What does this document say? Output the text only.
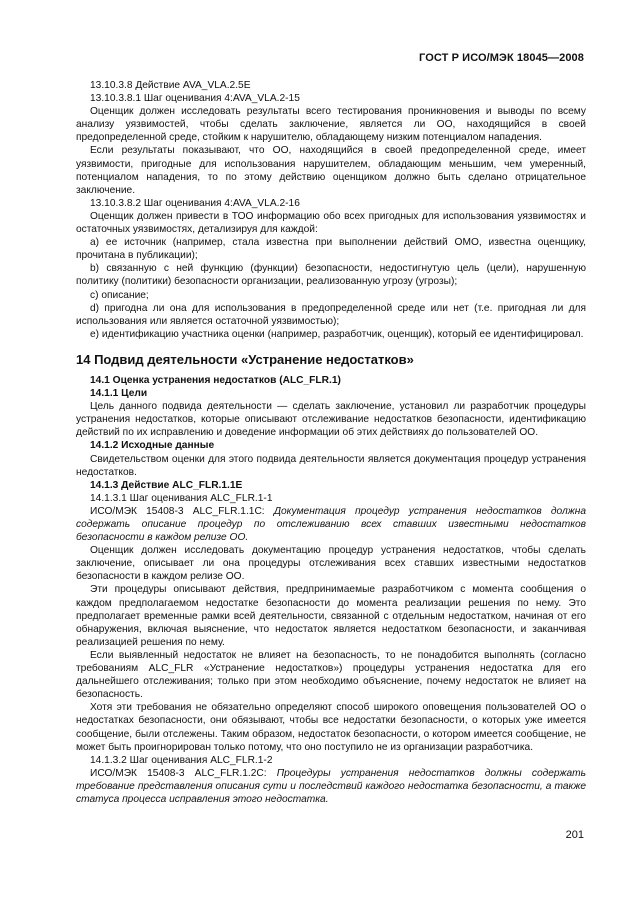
ГОСТ Р ИСО/МЭК 18045—2008

13.10.3.8 Действие AVA_VLA.2.5E

13.10.3.8.1 Шаг оценивания 4:AVA_VLA.2-15

Оценщик должен исследовать результаты всего тестирования проникновения и выводы по всему анализу уязвимостей, чтобы сделать заключение, является ли ОО, находящийся в своей предопределенной среде, стойким к нарушителю, обладающему низким потенциалом нападения.

Если результаты показывают, что ОО, находящийся в своей предопределенной среде, имеет уязвимости, пригодные для использования нарушителем, обладающим меньшим, чем умеренный, потенциалом нападения, то по этому действию оценщиком должно быть сделано отрицательное заключение.

13.10.3.8.2 Шаг оценивания 4:AVA_VLA.2-16

Оценщик должен привести в ТОО информацию обо всех пригодных для использования уязвимостях и остаточных уязвимостях, детализируя для каждой:

a) ее источник (например, стала известна при выполнении действий ОМО, известна оценщику, прочитана в публикации);

b) связанную с ней функцию (функции) безопасности, недостигнутую цель (цели), нарушенную политику (политики) безопасности организации, реализованную угрозу (угрозы);

c) описание;

d) пригодна ли она для использования в предопределенной среде или нет (т.е. пригодная ли для использования или является остаточной уязвимостью);

e) идентификацию участника оценки (например, разработчик, оценщик), который ее идентифицировал.

14 Подвид деятельности «Устранение недостатков»

14.1 Оценка устранения недостатков (ALC_FLR.1)

14.1.1 Цели

Цель данного подвида деятельности — сделать заключение, установил ли разработчик процедуры устранения недостатков, которые описывают отслеживание недостатков безопасности, идентификацию действий по их исправлению и доведение информации об этих действиях до пользователей ОО.

14.1.2 Исходные данные

Свидетельством оценки для этого подвида деятельности является документация процедур устранения недостатков.

14.1.3 Действие ALC_FLR.1.1E

14.1.3.1 Шаг оценивания ALC_FLR.1-1

ИСО/МЭК 15408-3 ALC_FLR.1.1C: Документация процедур устранения недостатков должна содержать описание процедур по отслеживанию всех ставших известными недостатков безопасности в каждом релизе ОО.

Оценщик должен исследовать документацию процедур устранения недостатков, чтобы сделать заключение, описывает ли она процедуры отслеживания всех ставших известными недостатков безопасности в каждом релизе ОО.

Эти процедуры описывают действия, предпринимаемые разработчиком с момента сообщения о каждом предполагаемом недостатке безопасности до момента реализации решения по нему. Это предполагает временные рамки всей деятельности, связанной с отдельным недостатком, начиная от его обнаружения, включая выяснение, что недостаток является недостатком безопасности, и заканчивая реализацией решения по нему.

Если выявленный недостаток не влияет на безопасность, то не понадобится выполнять (согласно требованиям ALC_FLR «Устранение недостатков») процедуры устранения недостатка для его дальнейшего отслеживания; только при этом необходимо объяснение, почему недостаток не влияет на безопасность.

Хотя эти требования не обязательно определяют способ широкого оповещения пользователей ОО о недостатках безопасности, они обязывают, чтобы все недостатки безопасности, о которых уже имеется сообщение, были отслежены. Таким образом, недостаток безопасности, о котором имеется сообщение, не может быть проигнорирован только потому, что оно поступило не из организации разработчика.

14.1.3.2 Шаг оценивания ALC_FLR.1-2

ИСО/МЭК 15408-3 ALC_FLR.1.2C: Процедуры устранения недостатков должны содержать требование представления описания сути и последствий каждого недостатка безопасности, а также статуса процесса исправления этого недостатка.

201
